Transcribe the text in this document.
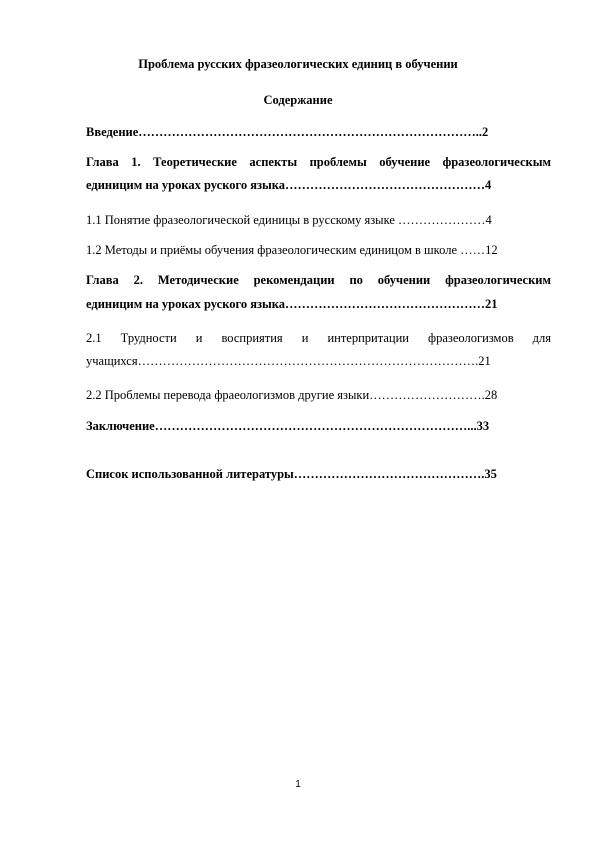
Проблема русских фразеологических единиц в обучении

Содержание

Введение………………………………………………………………………..2
Глава 1. Теоретические аспекты проблемы обучение фразеологическым
единицим на уроках руского языка…………………………………………4
1.1 Понятие фразеологической единицы в русскому языке …………………4
1.2 Методы и приёмы обучения фразеологическим единицом в школе ……12
Глава 2. Методические рекомендации по обучении фразеологическим
единицим на уроках руского языка…………………………………………21
2.1 Трудности и восприятия и интерпритации фразеологизмов для
учащихся……………………………………………………………………….21
2.2 Проблемы перевода фраеологизмов другие языки……………………….28
Заключение…………………………………………………………………...33
Список использованной литературы……………………………………….35
1
